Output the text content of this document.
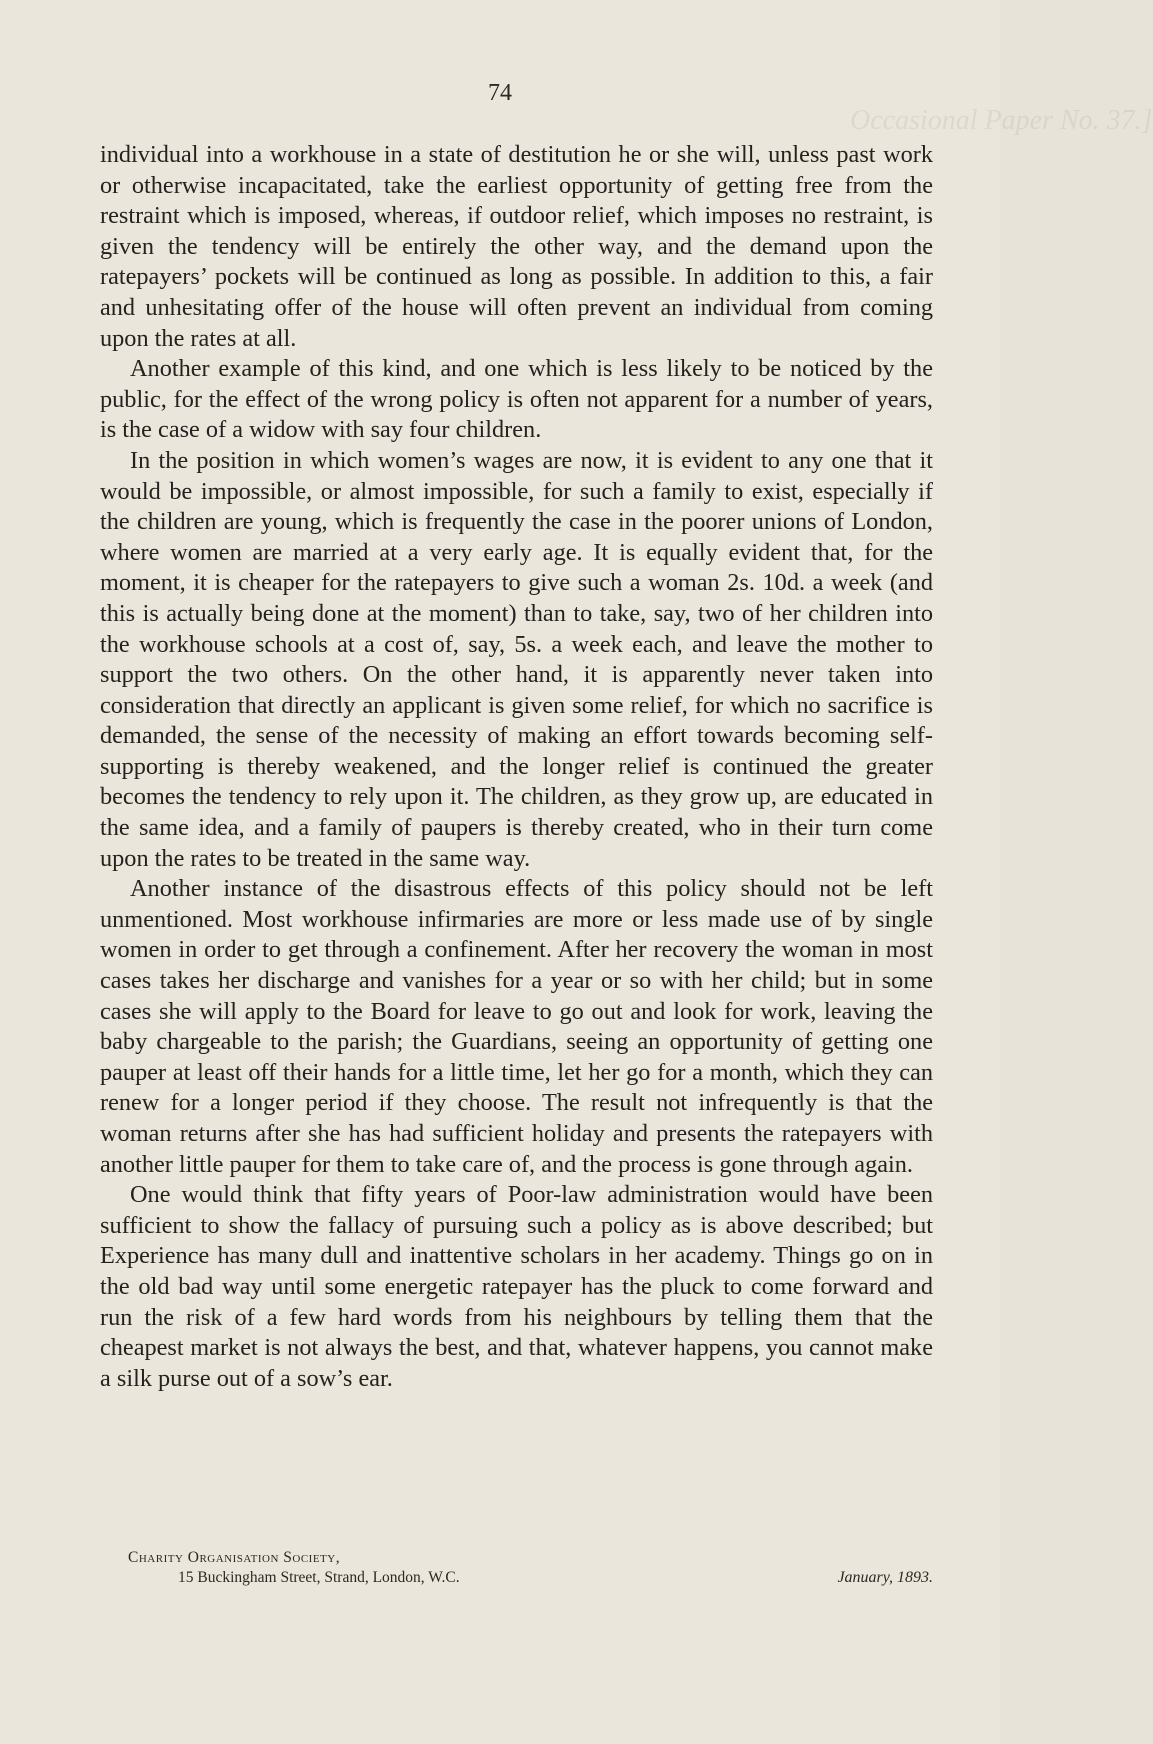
Occasional Paper No. 37.]
74

individual into a workhouse in a state of destitution he or she will, unless past work or otherwise incapacitated, take the earliest opportunity of getting free from the restraint which is imposed, whereas, if outdoor relief, which imposes no restraint, is given the tendency will be entirely the other way, and the demand upon the ratepayers’ pockets will be continued as long as possible. In addition to this, a fair and unhesitating offer of the house will often prevent an individual from coming upon the rates at all.

Another example of this kind, and one which is less likely to be noticed by the public, for the effect of the wrong policy is often not apparent for a number of years, is the case of a widow with say four children.

In the position in which women’s wages are now, it is evident to any one that it would be impossible, or almost impossible, for such a family to exist, especially if the children are young, which is frequently the case in the poorer unions of London, where women are married at a very early age. It is equally evident that, for the moment, it is cheaper for the ratepayers to give such a woman 2s. 10d. a week (and this is actually being done at the moment) than to take, say, two of her children into the workhouse schools at a cost of, say, 5s. a week each, and leave the mother to support the two others. On the other hand, it is apparently never taken into consideration that directly an applicant is given some relief, for which no sacrifice is demanded, the sense of the necessity of making an effort towards becoming self-supporting is thereby weakened, and the longer relief is continued the greater becomes the tendency to rely upon it. The children, as they grow up, are educated in the same idea, and a family of paupers is thereby created, who in their turn come upon the rates to be treated in the same way.

Another instance of the disastrous effects of this policy should not be left unmentioned. Most workhouse infirmaries are more or less made use of by single women in order to get through a confinement. After her recovery the woman in most cases takes her discharge and vanishes for a year or so with her child; but in some cases she will apply to the Board for leave to go out and look for work, leaving the baby chargeable to the parish; the Guardians, seeing an opportunity of getting one pauper at least off their hands for a little time, let her go for a month, which they can renew for a longer period if they choose. The result not infrequently is that the woman returns after she has had sufficient holiday and presents the ratepayers with another little pauper for them to take care of, and the process is gone through again.

One would think that fifty years of Poor-law administration would have been sufficient to show the fallacy of pursuing such a policy as is above described; but Experience has many dull and inattentive scholars in her academy. Things go on in the old bad way until some energetic ratepayer has the pluck to come forward and run the risk of a few hard words from his neighbours by telling them that the cheapest market is not always the best, and that, whatever happens, you cannot make a silk purse out of a sow’s ear.

Charity Organisation Society,
15 Buckingham Street, Strand, London, W.C.	January, 1893.
